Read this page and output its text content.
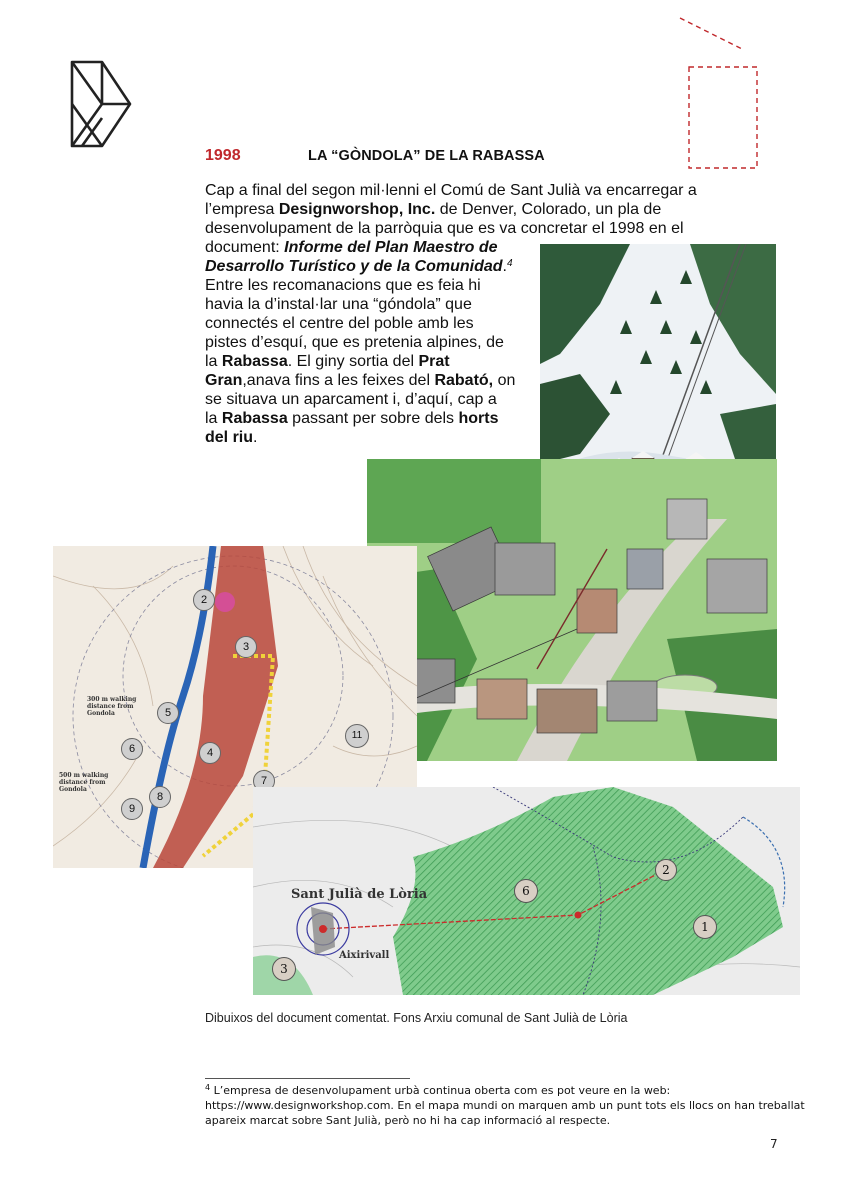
1998	LA “GÒNDOLA” DE LA RABASSA
Cap a final del segon mil·lenni el Comú de Sant Julià va encarregar a
l’empresa Designworshop, Inc. de Denver, Colorado, un pla de
desenvolupament de la parròquia que es va concretar el 1998 en el
document: Informe del Plan Maestro de
Desarrollo Turístico y de la Comunidad.$^4$
Entre les recomanacions que es feia hi
havia la d’instal·lar una “góndola” que
connectés el centre del poble amb les
pistes d’esquí, que es pretenia alpines, de
la Rabassa. El giny sortia del Prat
Gran,anava fins a les feixes del Rabató, on
se situava un aparcament i, d’aquí, cap a
la Rabassa passant per sobre dels horts
del riu.
2
3
5
6	4
7
8
9
11
300 m walking distance from Gondola
500 m walking distance from Gondola
Sant Julià de Lòria
Aixirivall
2
6
1
3
Dibuixos del document comentat. Fons Arxiu comunal de Sant Julià de Lòria
$^4$ L’empresa de desenvolupament urbà continua oberta com es pot veure en la web:
https://www.designworkshop.com. En el mapa mundi on marquen amb un punt tots els llocs on han treballat
apareix marcat sobre Sant Julià, però no hi ha cap informació al respecte.
7
